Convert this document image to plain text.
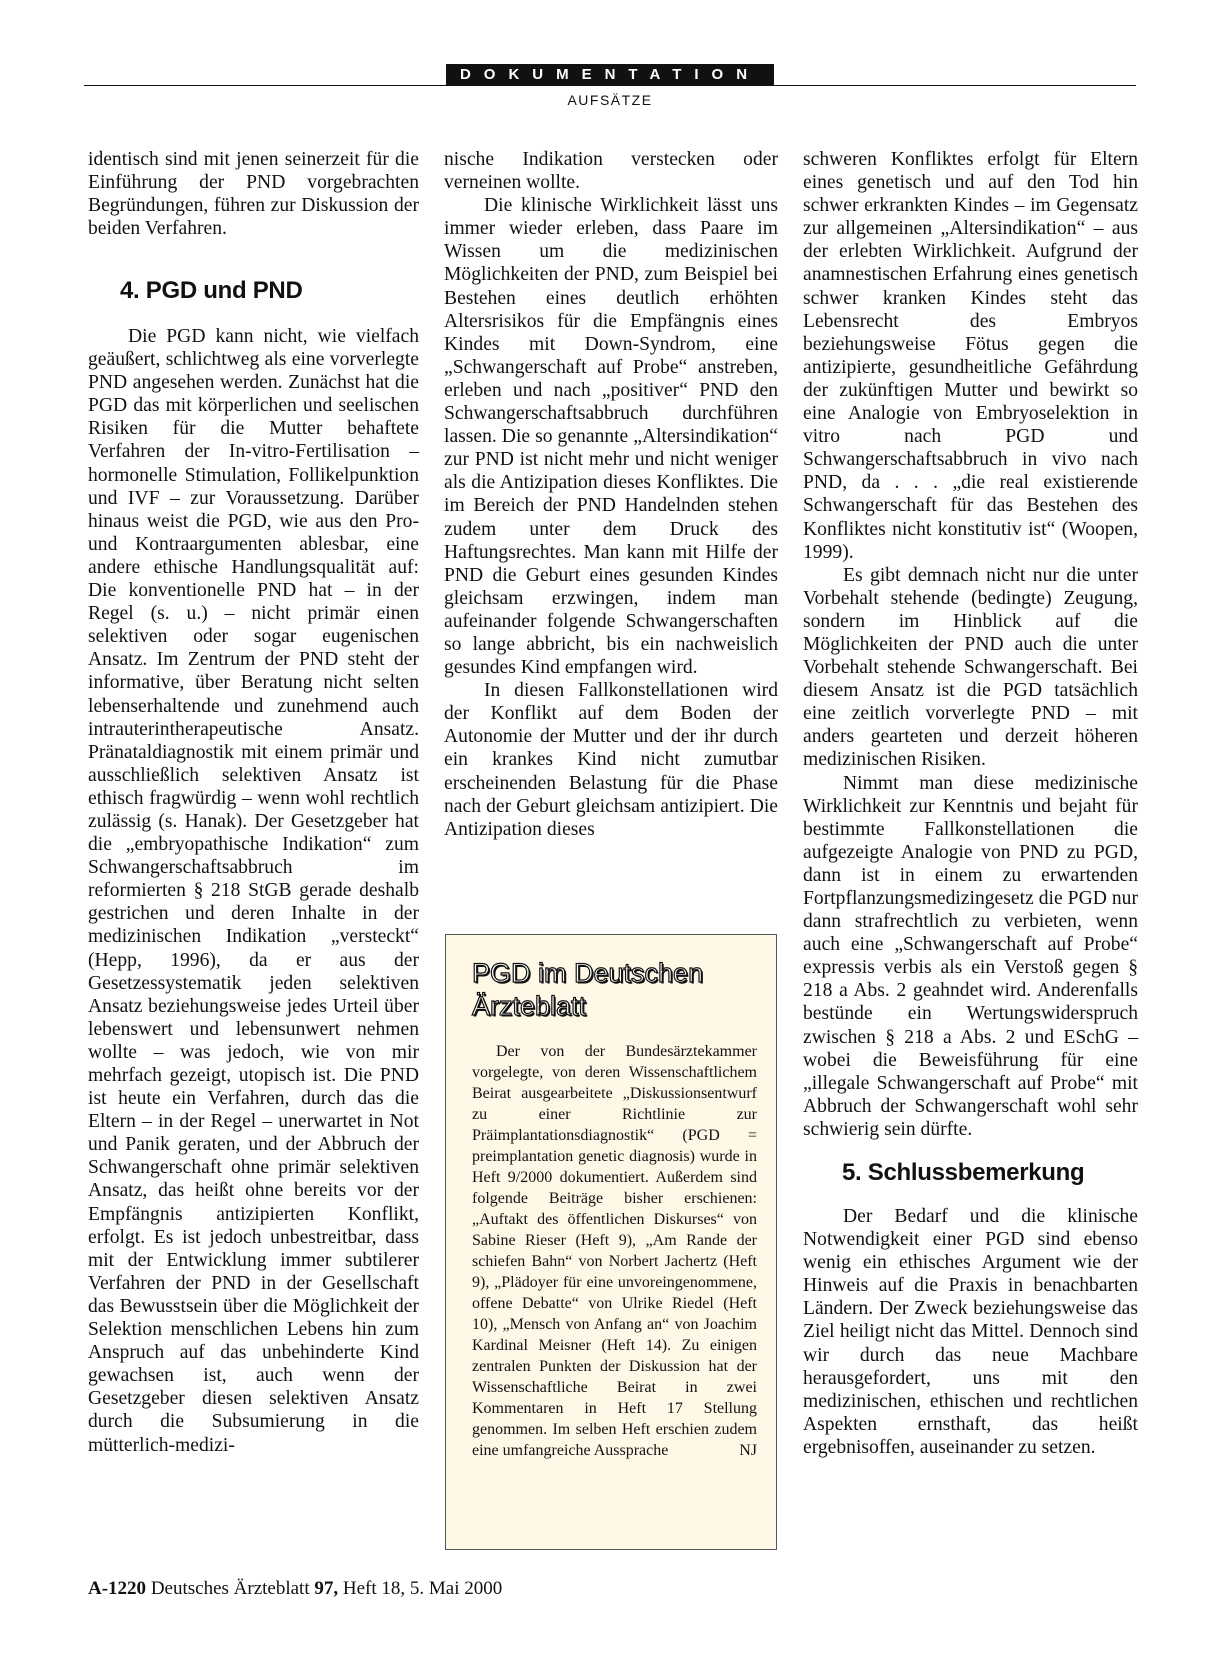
DOKUMENTATION
AUFSÄTZE

identisch sind mit jenen seinerzeit für die Einführung der PND vorgebrachten Begründungen, führen zur Diskussion der beiden Verfahren.

4. PGD und PND

Die PGD kann nicht, wie vielfach geäußert, schlichtweg als eine vorverlegte PND angesehen werden. Zunächst hat die PGD das mit körperlichen und seelischen Risiken für die Mutter behaftete Verfahren der In-vitro-Fertilisation – hormonelle Stimulation, Follikelpunktion und IVF – zur Voraussetzung. Darüber hinaus weist die PGD, wie aus den Pro- und Kontraargumenten ablesbar, eine andere ethische Handlungsqualität auf: Die konventionelle PND hat – in der Regel (s. u.) – nicht primär einen selektiven oder sogar eugenischen Ansatz. Im Zentrum der PND steht der informative, über Beratung nicht selten lebenserhaltende und zunehmend auch intrauterintherapeutische Ansatz. Pränataldiagnostik mit einem primär und ausschließlich selektiven Ansatz ist ethisch fragwürdig – wenn wohl rechtlich zulässig (s. Hanak). Der Gesetzgeber hat die „embryopathische Indikation“ zum Schwangerschaftsabbruch im reformierten § 218 StGB gerade deshalb gestrichen und deren Inhalte in der medizinischen Indikation „versteckt“ (Hepp, 1996), da er aus der Gesetzessystematik jeden selektiven Ansatz beziehungsweise jedes Urteil über lebenswert und lebensunwert nehmen wollte – was jedoch, wie von mir mehrfach gezeigt, utopisch ist. Die PND ist heute ein Verfahren, durch das die Eltern – in der Regel – unerwartet in Not und Panik geraten, und der Abbruch der Schwangerschaft ohne primär selektiven Ansatz, das heißt ohne bereits vor der Empfängnis antizipierten Konflikt, erfolgt. Es ist jedoch unbestreitbar, dass mit der Entwicklung immer subtilerer Verfahren der PND in der Gesellschaft das Bewusstsein über die Möglichkeit der Selektion menschlichen Lebens hin zum Anspruch auf das unbehinderte Kind gewachsen ist, auch wenn der Gesetzgeber diesen selektiven Ansatz durch die Subsumierung in die mütterlich-medizi-

nische Indikation verstecken oder verneinen wollte.

Die klinische Wirklichkeit lässt uns immer wieder erleben, dass Paare im Wissen um die medizinischen Möglichkeiten der PND, zum Beispiel bei Bestehen eines deutlich erhöhten Altersrisikos für die Empfängnis eines Kindes mit Down-Syndrom, eine „Schwangerschaft auf Probe“ anstreben, erleben und nach „positiver“ PND den Schwangerschaftsabbruch durchführen lassen. Die so genannte „Altersindikation“ zur PND ist nicht mehr und nicht weniger als die Antizipation dieses Konfliktes. Die im Bereich der PND Handelnden stehen zudem unter dem Druck des Haftungsrechtes. Man kann mit Hilfe der PND die Geburt eines gesunden Kindes gleichsam erzwingen, indem man aufeinander folgende Schwangerschaften so lange abbricht, bis ein nachweislich gesundes Kind empfangen wird.

In diesen Fallkonstellationen wird der Konflikt auf dem Boden der Autonomie der Mutter und der ihr durch ein krankes Kind nicht zumutbar erscheinenden Belastung für die Phase nach der Geburt gleichsam antizipiert. Die Antizipation dieses

PGD im Deutschen Ärzteblatt

Der von der Bundesärztekammer vorgelegte, von deren Wissenschaftlichem Beirat ausgearbeitete „Diskussionsentwurf zu einer Richtlinie zur Präimplantationsdiagnostik“ (PGD = preimplantation genetic diagnosis) wurde in Heft 9/2000 dokumentiert. Außerdem sind folgende Beiträge bisher erschienen: „Auftakt des öffentlichen Diskurses“ von Sabine Rieser (Heft 9), „Am Rande der schiefen Bahn“ von Norbert Jachertz (Heft 9), „Plädoyer für eine unvoreingenommene, offene Debatte“ von Ulrike Riedel (Heft 10), „Mensch von Anfang an“ von Joachim Kardinal Meisner (Heft 14). Zu einigen zentralen Punkten der Diskussion hat der Wissenschaftliche Beirat in zwei Kommentaren in Heft 17 Stellung genommen. Im selben Heft erschien zudem eine umfangreiche Aussprache	NJ

schweren Konfliktes erfolgt für Eltern eines genetisch und auf den Tod hin schwer erkrankten Kindes – im Gegensatz zur allgemeinen „Altersindikation“ – aus der erlebten Wirklichkeit. Aufgrund der anamnestischen Erfahrung eines genetisch schwer kranken Kindes steht das Lebensrecht des Embryos beziehungsweise Fötus gegen die antizipierte, gesundheitliche Gefährdung der zukünftigen Mutter und bewirkt so eine Analogie von Embryoselektion in vitro nach PGD und Schwangerschaftsabbruch in vivo nach PND, da . . . „die real existierende Schwangerschaft für das Bestehen des Konfliktes nicht konstitutiv ist“ (Woopen, 1999).

Es gibt demnach nicht nur die unter Vorbehalt stehende (bedingte) Zeugung, sondern im Hinblick auf die Möglichkeiten der PND auch die unter Vorbehalt stehende Schwangerschaft. Bei diesem Ansatz ist die PGD tatsächlich eine zeitlich vorverlegte PND – mit anders gearteten und derzeit höheren medizinischen Risiken.

Nimmt man diese medizinische Wirklichkeit zur Kenntnis und bejaht für bestimmte Fallkonstellationen die aufgezeigte Analogie von PND zu PGD, dann ist in einem zu erwartenden Fortpflanzungsmedizingesetz die PGD nur dann strafrechtlich zu verbieten, wenn auch eine „Schwangerschaft auf Probe“ expressis verbis als ein Verstoß gegen § 218 a Abs. 2 geahndet wird. Anderenfalls bestünde ein Wertungswiderspruch zwischen § 218 a Abs. 2 und ESchG – wobei die Beweisführung für eine „illegale Schwangerschaft auf Probe“ mit Abbruch der Schwangerschaft wohl sehr schwierig sein dürfte.

5. Schlussbemerkung

Der Bedarf und die klinische Notwendigkeit einer PGD sind ebenso wenig ein ethisches Argument wie der Hinweis auf die Praxis in benachbarten Ländern. Der Zweck beziehungsweise das Ziel heiligt nicht das Mittel. Dennoch sind wir durch das neue Machbare herausgefordert, uns mit den medizinischen, ethischen und rechtlichen Aspekten ernsthaft, das heißt ergebnisoffen, auseinander zu setzen.

A-1220 Deutsches Ärzteblatt 97, Heft 18, 5. Mai 2000
